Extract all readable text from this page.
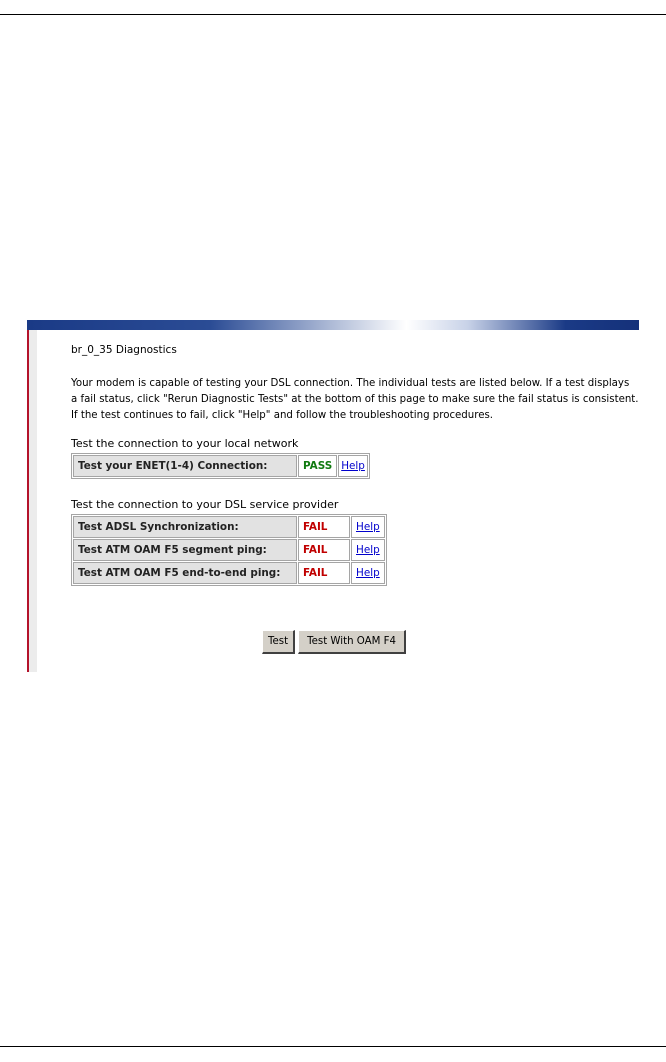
br_0_35 Diagnostics
Your modem is capable of testing your DSL connection. The individual tests are listed below. If a test displays
a fail status, click "Rerun Diagnostic Tests" at the bottom of this page to make sure the fail status is consistent.
If the test continues to fail, click "Help" and follow the troubleshooting procedures.
Test the connection to your local network
Test your ENET(1-4) Connection:	PASS	Help
Test the connection to your DSL service provider
Test ADSL Synchronization:	FAIL	Help
Test ATM OAM F5 segment ping:	FAIL	Help
Test ATM OAM F5 end-to-end ping:	FAIL	Help
Test	Test With OAM F4
